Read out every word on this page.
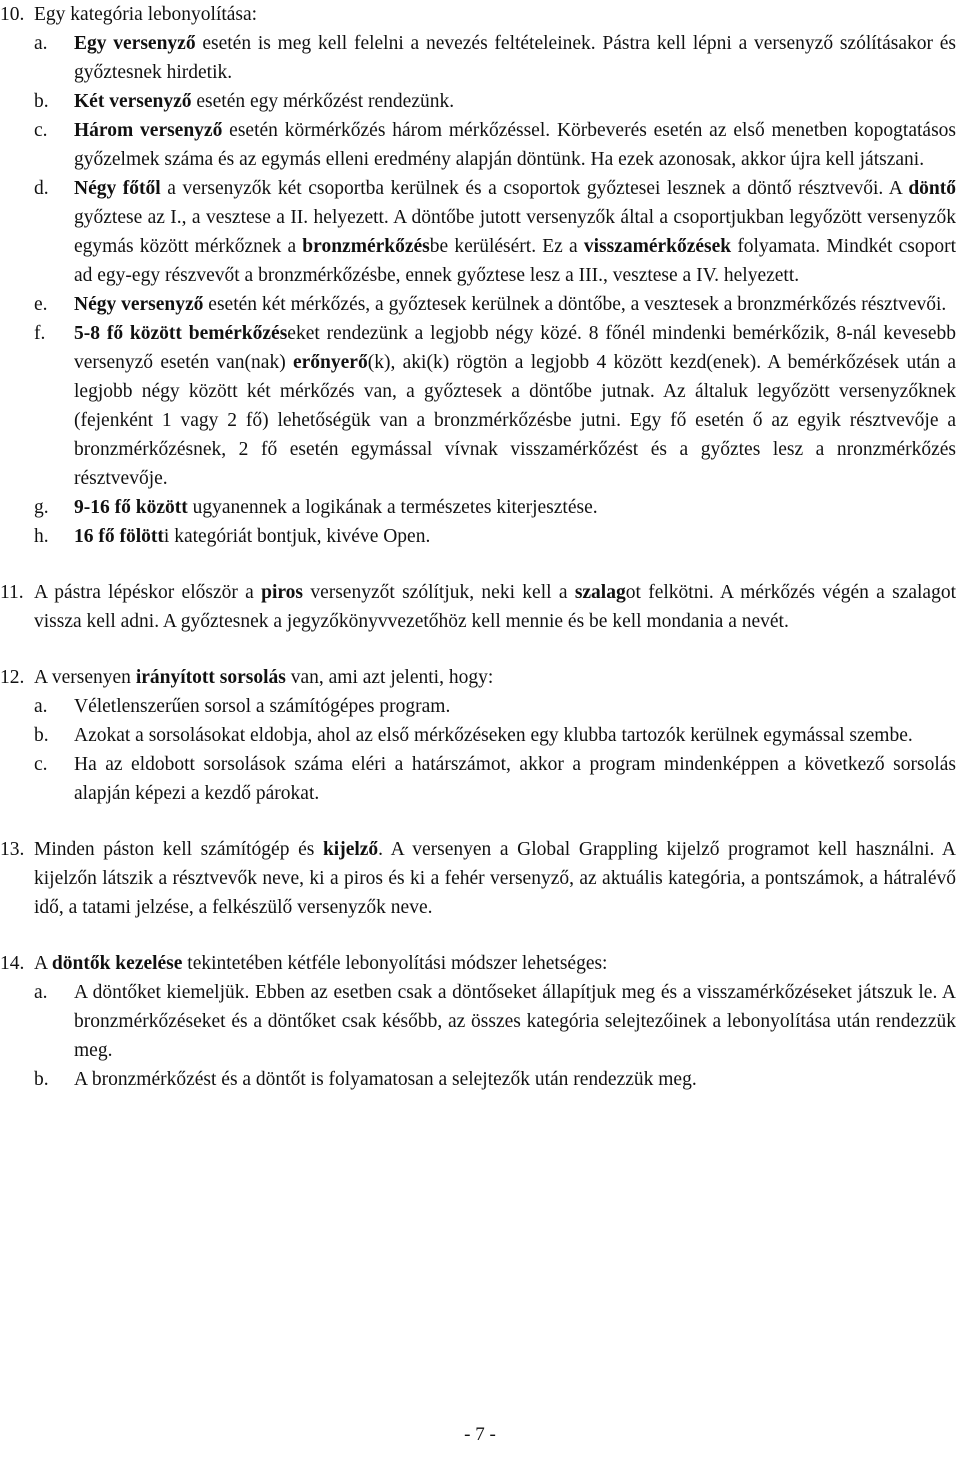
10. Egy kategória lebonyolítása:
a. Egy versenyző esetén is meg kell felelni a nevezés feltételeinek. Pástra kell lépni a versenyző szólításakor és győztesnek hirdetik.
b. Két versenyző esetén egy mérkőzést rendezünk.
c. Három versenyző esetén körmérkőzés három mérkőzéssel. Körbeverés esetén az első menetben kopogtatásos győzelmek száma és az egymás elleni eredmény alapján döntünk. Ha ezek azonosak, akkor újra kell játszani.
d. Négy főtől a versenyzők két csoportba kerülnek és a csoportok győztesei lesznek a döntő résztvevői. A döntő győztese az I., a vesztese a II. helyezett. A döntőbe jutott versenyzők által a csoportjukban legyőzött versenyzők egymás között mérkőznek a bronzmérkőzésbe kerülésért. Ez a visszamérkőzések folyamata. Mindkét csoport ad egy-egy részvevőt a bronzmérkőzésbe, ennek győztese lesz a III., vesztese a IV. helyezett.
e. Négy versenyző esetén két mérkőzés, a győztesek kerülnek a döntőbe, a vesztesek a bronzmérkőzés résztvevői.
f. 5-8 fő között bemérkőzéseket rendezünk a legjobb négy közé. 8 főnél mindenki bemérkőzik, 8-nál kevesebb versenyző esetén van(nak) erőnyerő(k), aki(k) rögtön a legjobb 4 között kezd(enek). A bemérkőzések után a legjobb négy között két mérkőzés van, a győztesek a döntőbe jutnak. Az általuk legyőzött versenyzőknek (fejenként 1 vagy 2 fő) lehetőségük van a bronzmérkőzésbe jutni. Egy fő esetén ő az egyik résztvevője a bronzmérkőzésnek, 2 fő esetén egymással vívnak visszamérkőzést és a győztes lesz a nronzmérkőzés résztvevője.
g. 9-16 fő között ugyanennek a logikának a természetes kiterjesztése.
h. 16 fő fölötti kategóriát bontjuk, kivéve Open.
11. A pástra lépéskor először a piros versenyzőt szólítjuk, neki kell a szalagot felkötni. A mérkőzés végén a szalagot vissza kell adni. A győztesnek a jegyzőkönyvvezetőhöz kell mennie és be kell mondania a nevét.
12. A versenyen irányított sorsolás van, ami azt jelenti, hogy:
a. Véletlenszerűen sorsol a számítógépes program.
b. Azokat a sorsolásokat eldobja, ahol az első mérkőzéseken egy klubba tartozók kerülnek egymással szembe.
c. Ha az eldobott sorsolások száma eléri a határszámot, akkor a program mindenképpen a következő sorsolás alapján képezi a kezdő párokat.
13. Minden páston kell számítógép és kijelző. A versenyen a Global Grappling kijelző programot kell használni. A kijelzőn látszik a résztvevők neve, ki a piros és ki a fehér versenyző, az aktuális kategória, a pontszámok, a hátralévő idő, a tatami jelzése, a felkészülő versenyzők neve.
14. A döntők kezelése tekintetében kétféle lebonyolítási módszer lehetséges:
a. A döntőket kiemeljük. Ebben az esetben csak a döntőseket állapítjuk meg és a visszamérkőzéseket játszuk le. A bronzmérkőzéseket és a döntőket csak később, az összes kategória selejtezőinek a lebonyolítása után rendezzük meg.
b. A bronzmérkőzést és a döntőt is folyamatosan a selejtezők után rendezzük meg.
- 7 -
